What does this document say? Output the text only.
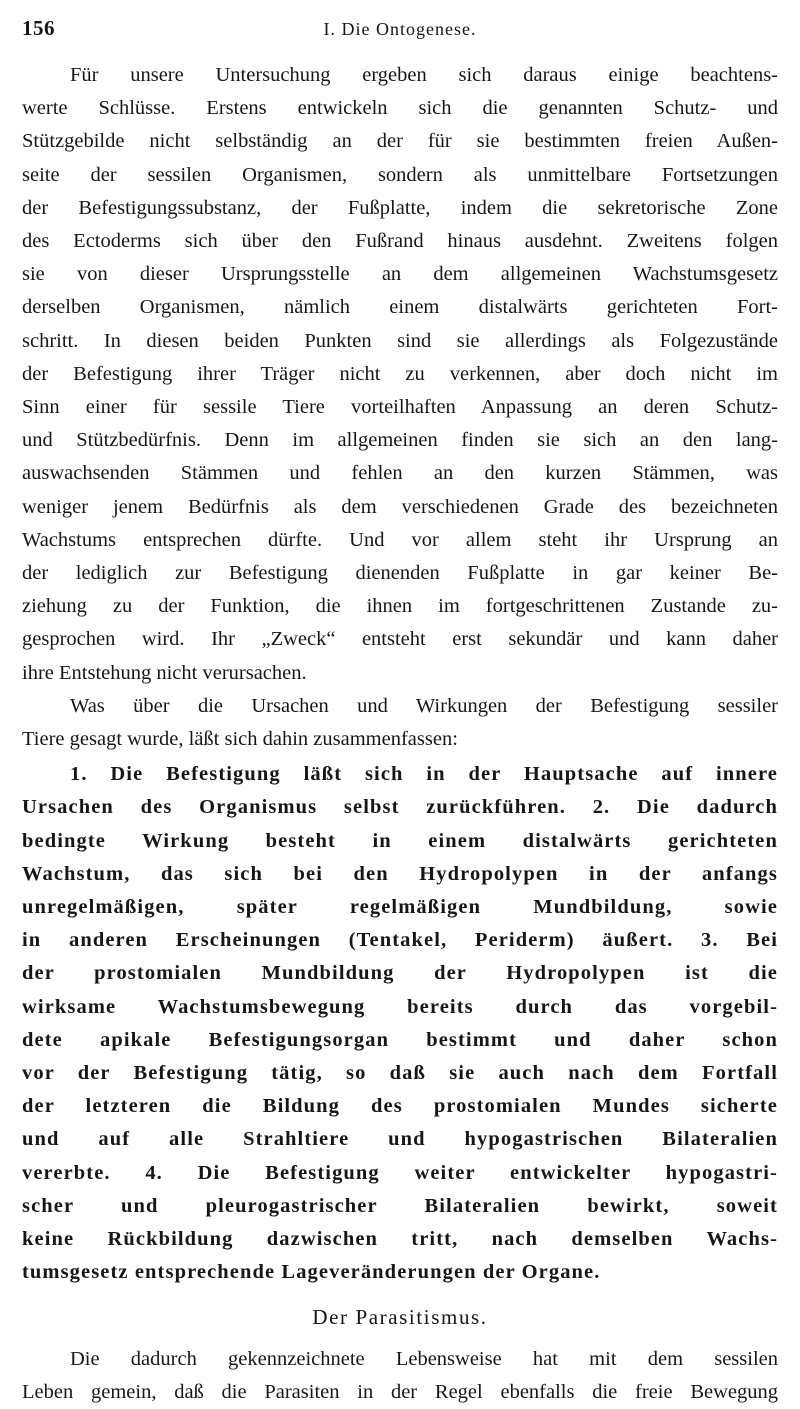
156	I. Die Ontogenese.
Für unsere Untersuchung ergeben sich daraus einige beachtens-
werte Schlüsse. Erstens entwickeln sich die genannten Schutz- und
Stützgebilde nicht selbständig an der für sie bestimmten freien Außen-
seite der sessilen Organismen, sondern als unmittelbare Fortsetzungen
der Befestigungssubstanz, der Fußplatte, indem die sekretorische Zone
des Ectoderms sich über den Fußrand hinaus ausdehnt. Zweitens folgen
sie von dieser Ursprungsstelle an dem allgemeinen Wachstumsgesetz
derselben Organismen, nämlich einem distalwärts gerichteten Fort-
schritt. In diesen beiden Punkten sind sie allerdings als Folgezustände
der Befestigung ihrer Träger nicht zu verkennen, aber doch nicht im
Sinn einer für sessile Tiere vorteilhaften Anpassung an deren Schutz-
und Stützbedürfnis. Denn im allgemeinen finden sie sich an den lang-
auswachsenden Stämmen und fehlen an den kurzen Stämmen, was
weniger jenem Bedürfnis als dem verschiedenen Grade des bezeichneten
Wachstums entsprechen dürfte. Und vor allem steht ihr Ursprung an
der lediglich zur Befestigung dienenden Fußplatte in gar keiner Be-
ziehung zu der Funktion, die ihnen im fortgeschrittenen Zustande zu-
gesprochen wird. Ihr „Zweck“ entsteht erst sekundär und kann daher
ihre Entstehung nicht verursachen.
Was über die Ursachen und Wirkungen der Befestigung sessiler
Tiere gesagt wurde, läßt sich dahin zusammenfassen:
1. Die Befestigung läßt sich in der Hauptsache auf innere
Ursachen des Organismus selbst zurückführen. 2. Die dadurch
bedingte Wirkung besteht in einem distalwärts gerichteten
Wachstum, das sich bei den Hydropolypen in der anfangs
unregelmäßigen, später regelmäßigen Mundbildung, sowie
in anderen Erscheinungen (Tentakel, Periderm) äußert. 3. Bei
der prostomialen Mundbildung der Hydropolypen ist die
wirksame Wachstumsbewegung bereits durch das vorgebil-
dete apikale Befestigungsorgan bestimmt und daher schon
vor der Befestigung tätig, so daß sie auch nach dem Fortfall
der letzteren die Bildung des prostomialen Mundes sicherte
und auf alle Strahltiere und hypogastrischen Bilateralien
vererbte. 4. Die Befestigung weiter entwickelter hypogastri-
scher und pleurogastrischer Bilateralien bewirkt, soweit
keine Rückbildung dazwischen tritt, nach demselben Wachs-
tumsgesetz entsprechende Lageveränderungen der Organe.
Der Parasitismus.
Die dadurch gekennzeichnete Lebensweise hat mit dem sessilen
Leben gemein, daß die Parasiten in der Regel ebenfalls die freie Bewegung
